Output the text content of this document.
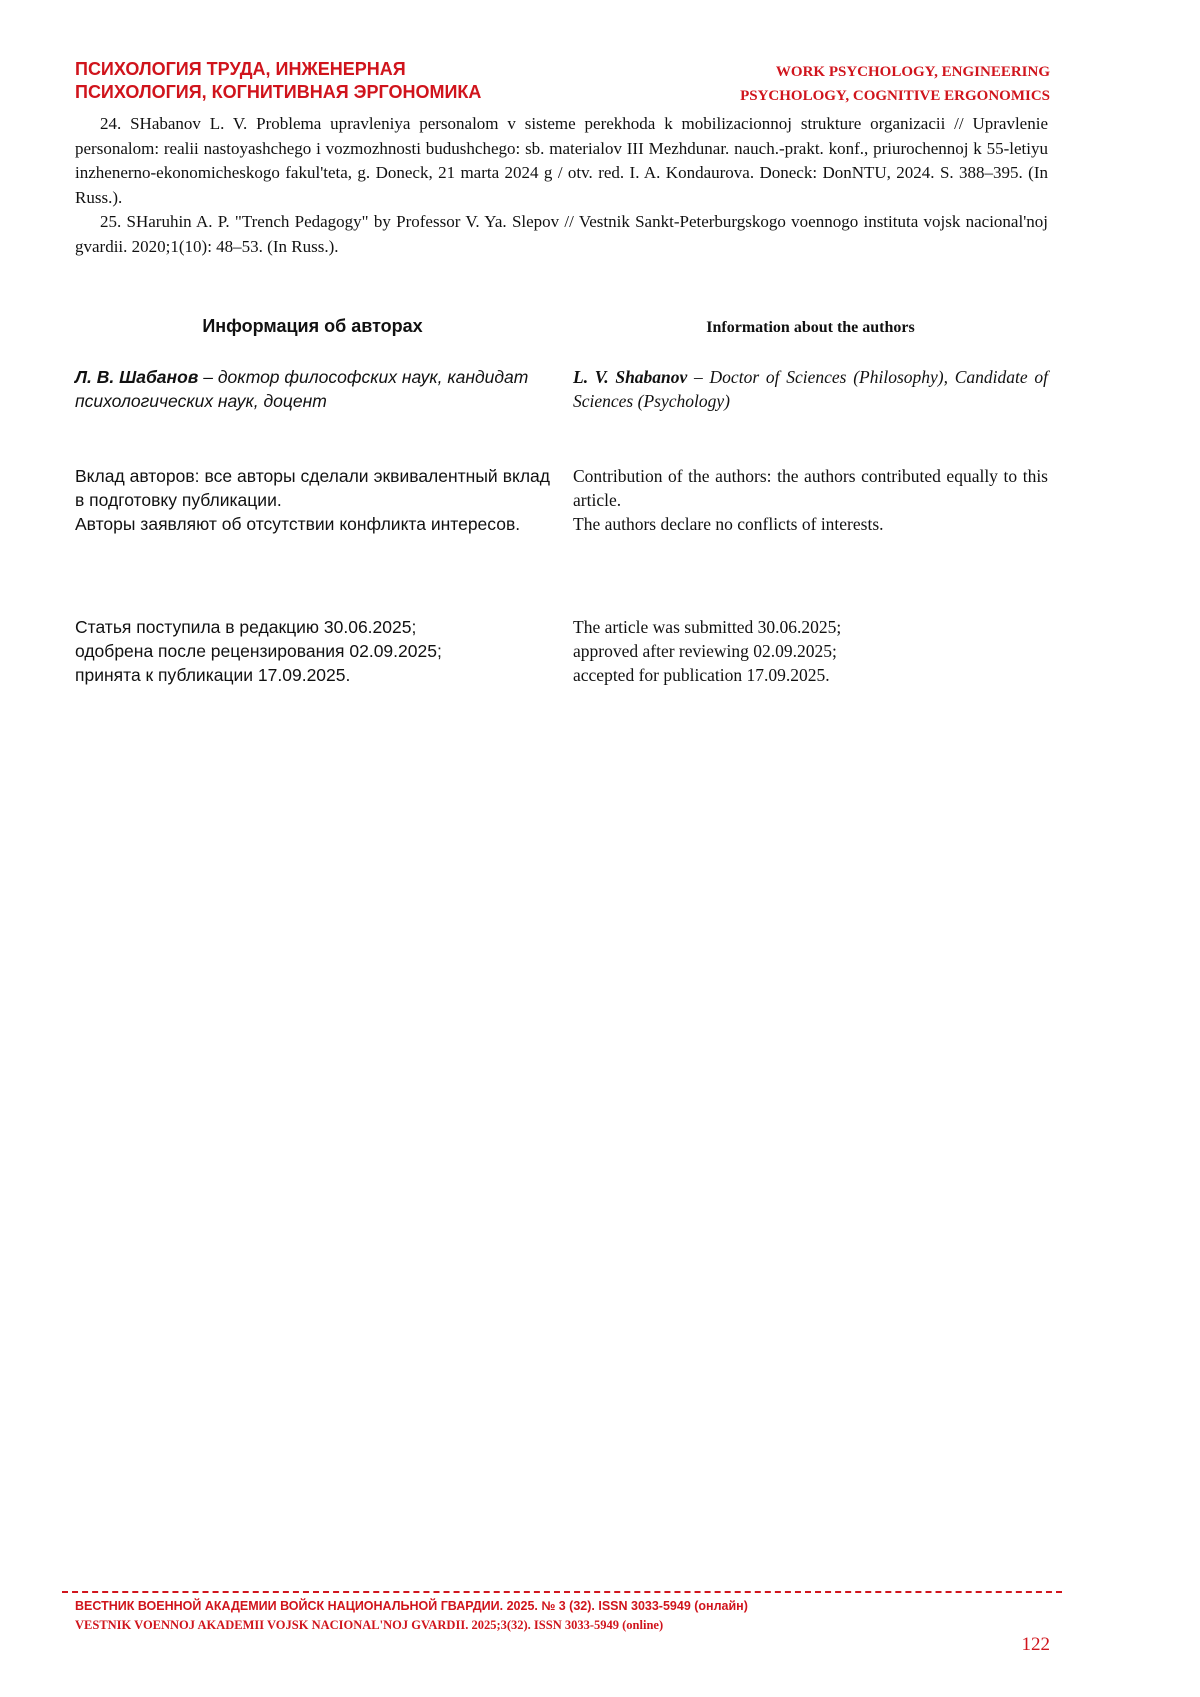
ПСИХОЛОГИЯ ТРУДА, ИНЖЕНЕРНАЯ
ПСИХОЛОГИЯ, КОГНИТИВНАЯ ЭРГОНОМИКА
WORK PSYCHOLOGY, ENGINEERING
PSYCHOLOGY, COGNITIVE ERGONOMICS

24. SHabanov L. V. Problema upravleniya personalom v sisteme perekhoda k mobilizacionnoj strukture organizacii // Upravlenie personalom: realii nastoyashchego i vozmozhnosti budushchego: sb. materialov III Mezhdunar. nauch.-prakt. konf., priurochennoj k 55-letiyu inzhenerno-ekonomicheskogo fakul'teta, g. Doneck, 21 marta 2024 g / otv. red. I. A. Kondaurova. Doneck: DonNTU, 2024. S. 388–395. (In Russ.).

25. SHaruhin A. P. "Trench Pedagogy" by Professor V. Ya. Slepov // Vestnik Sankt-Peterburgskogo voennogo instituta vojsk nacional'noj gvardii. 2020;1(10): 48–53. (In Russ.).

Информация об авторах	Information about the authors
Л. В. Шабанов – доктор философских наук, кандидат психологических наук, доцент
L. V. Shabanov – Doctor of Sciences (Philosophy), Candidate of Sciences (Psychology)

Вклад авторов: все авторы сделали эквивалентный вклад в подготовку публикации.

Авторы заявляют об отсутствии конфликта интересов.

Contribution of the authors: the authors contributed equally to this article.

The authors declare no conflicts of interests.

Статья поступила в редакцию 30.06.2025;

одобрена после рецензирования 02.09.2025;

принята к публикации 17.09.2025.

The article was submitted 30.06.2025;

approved after reviewing 02.09.2025;

accepted for publication 17.09.2025.

ВЕСТНИК ВОЕННОЙ АКАДЕМИИ ВОЙСК НАЦИОНАЛЬНОЙ ГВАРДИИ. 2025. № 3 (32). ISSN 3033-5949 (онлайн)
VESTNIK VOENNOJ AKADEMII VOJSK NACIONAL'NOJ GVARDII. 2025;3(32). ISSN 3033-5949 (online)
122
